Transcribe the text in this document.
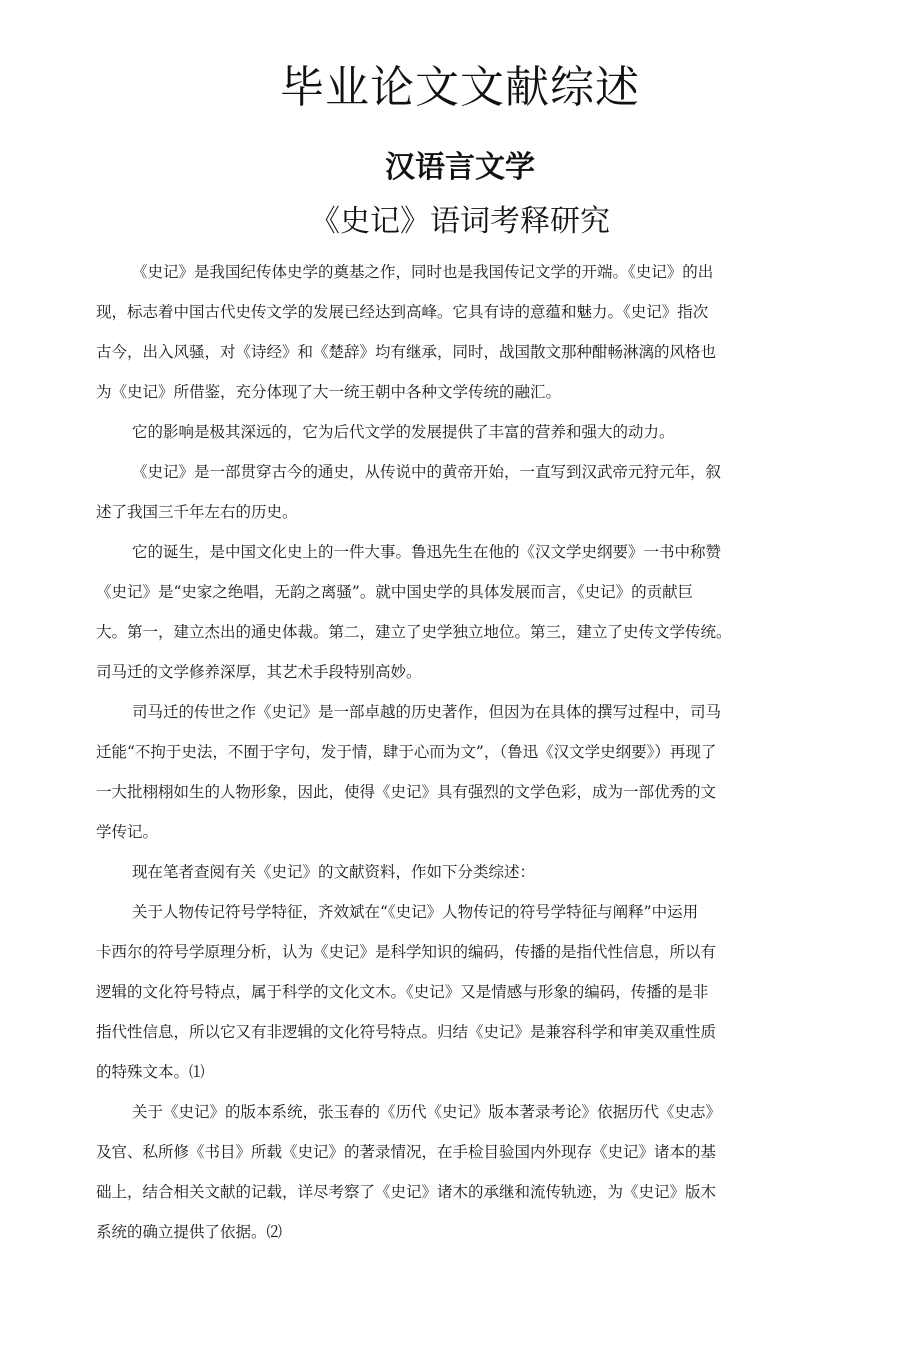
毕业论文文献综述
汉语言文学
《史记》语词考释研究

《史记》是我国纪传体史学的奠基之作，同时也是我国传记文学的开端。《史记》的出
现，标志着中国古代史传文学的发展已经达到高峰。它具有诗的意蕴和魅力。《史记》指次
古今，出入风骚，对《诗经》和《楚辞》均有继承，同时，战国散文那种酣畅淋漓的风格也
为《史记》所借鉴，充分体现了大一统王朝中各种文学传统的融汇。

它的影响是极其深远的，它为后代文学的发展提供了丰富的营养和强大的动力。

《史记》是一部贯穿古今的通史，从传说中的黄帝开始，一直写到汉武帝元狩元年，叙
述了我国三千年左右的历史。

它的诞生，是中国文化史上的一件大事。鲁迅先生在他的《汉文学史纲要》一书中称赞
《史记》是“史家之绝唱，无韵之离骚”。就中国史学的具体发展而言，《史记》的贡献巨
大。第一，建立杰出的通史体裁。第二，建立了史学独立地位。第三，建立了史传文学传统。
司马迁的文学修养深厚，其艺术手段特别高妙。

司马迁的传世之作《史记》是一部卓越的历史著作，但因为在具体的撰写过程中，司马
迁能“不拘于史法，不囿于字句，发于情，肆于心而为文”，（鲁迅《汉文学史纲要》）再现了
一大批栩栩如生的人物形象，因此，使得《史记》具有强烈的文学色彩，成为一部优秀的文
学传记。

现在笔者查阅有关《史记》的文献资料，作如下分类综述：

关于人物传记符号学特征，齐效斌在“《史记》人物传记的符号学特征与阐释”中运用
卡西尔的符号学原理分析，认为《史记》是科学知识的编码，传播的是指代性信息，所以有
逻辑的文化符号特点，属于科学的文化文木。《史记》又是情感与形象的编码，传播的是非
指代性信息，所以它又有非逻辑的文化符号特点。归结《史记》是兼容科学和审美双重性质
的特殊文本。⑴

关于《史记》的版本系统，张玉春的《历代《史记》版本著录考论》依据历代《史志》
及官、私所修《书目》所载《史记》的著录情况，在手检目验国内外现存《史记》诸本的基
础上，结合相关文献的记载，详尽考察了《史记》诸木的承继和流传轨迹，为《史记》版木
系统的确立提供了依据。⑵
